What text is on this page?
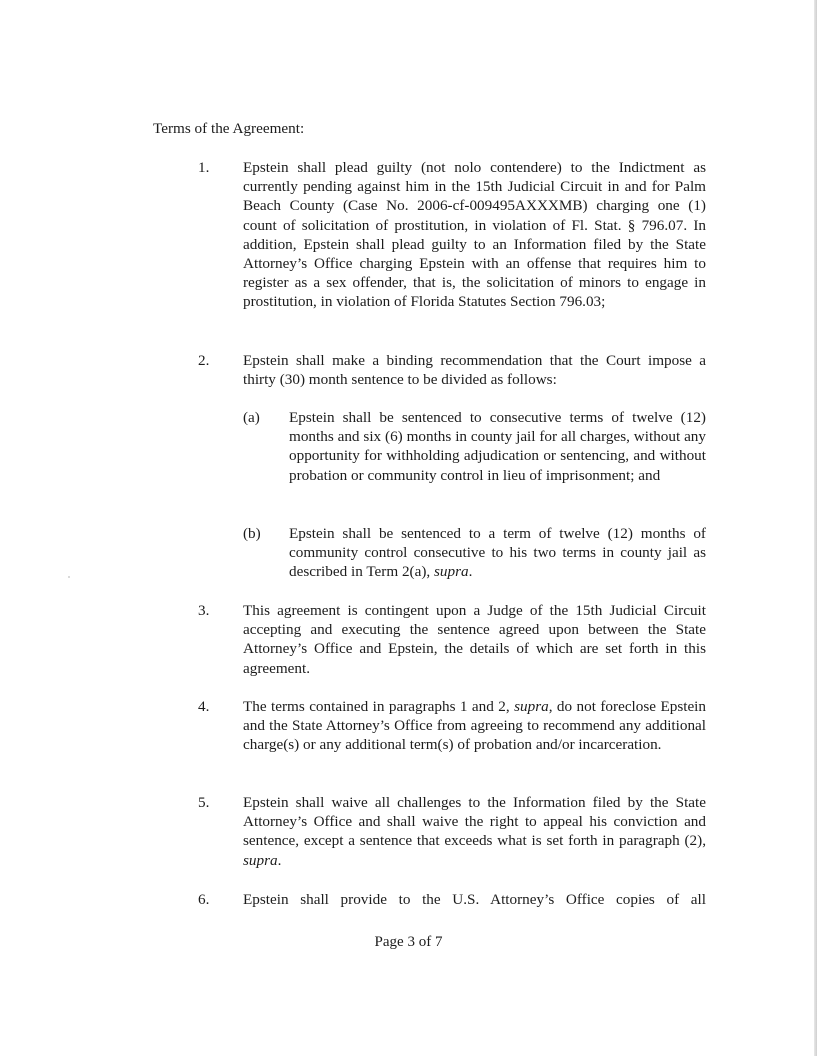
Terms of the Agreement:
1. Epstein shall plead guilty (not nolo contendere) to the Indictment as currently pending against him in the 15th Judicial Circuit in and for Palm Beach County (Case No. 2006-cf-009495AXXXMB) charging one (1) count of solicitation of prostitution, in violation of Fl. Stat. § 796.07. In addition, Epstein shall plead guilty to an Information filed by the State Attorney’s Office charging Epstein with an offense that requires him to register as a sex offender, that is, the solicitation of minors to engage in prostitution, in violation of Florida Statutes Section 796.03;
2. Epstein shall make a binding recommendation that the Court impose a thirty (30) month sentence to be divided as follows:
(a) Epstein shall be sentenced to consecutive terms of twelve (12) months and six (6) months in county jail for all charges, without any opportunity for withholding adjudication or sentencing, and without probation or community control in lieu of imprisonment; and
(b) Epstein shall be sentenced to a term of twelve (12) months of community control consecutive to his two terms in county jail as described in Term 2(a), supra.
3. This agreement is contingent upon a Judge of the 15th Judicial Circuit accepting and executing the sentence agreed upon between the State Attorney’s Office and Epstein, the details of which are set forth in this agreement.
4. The terms contained in paragraphs 1 and 2, supra, do not foreclose Epstein and the State Attorney’s Office from agreeing to recommend any additional charge(s) or any additional term(s) of probation and/or incarceration.
5. Epstein shall waive all challenges to the Information filed by the State Attorney’s Office and shall waive the right to appeal his conviction and sentence, except a sentence that exceeds what is set forth in paragraph (2), supra.
6. Epstein shall provide to the U.S. Attorney’s Office copies of all
Page 3 of 7
